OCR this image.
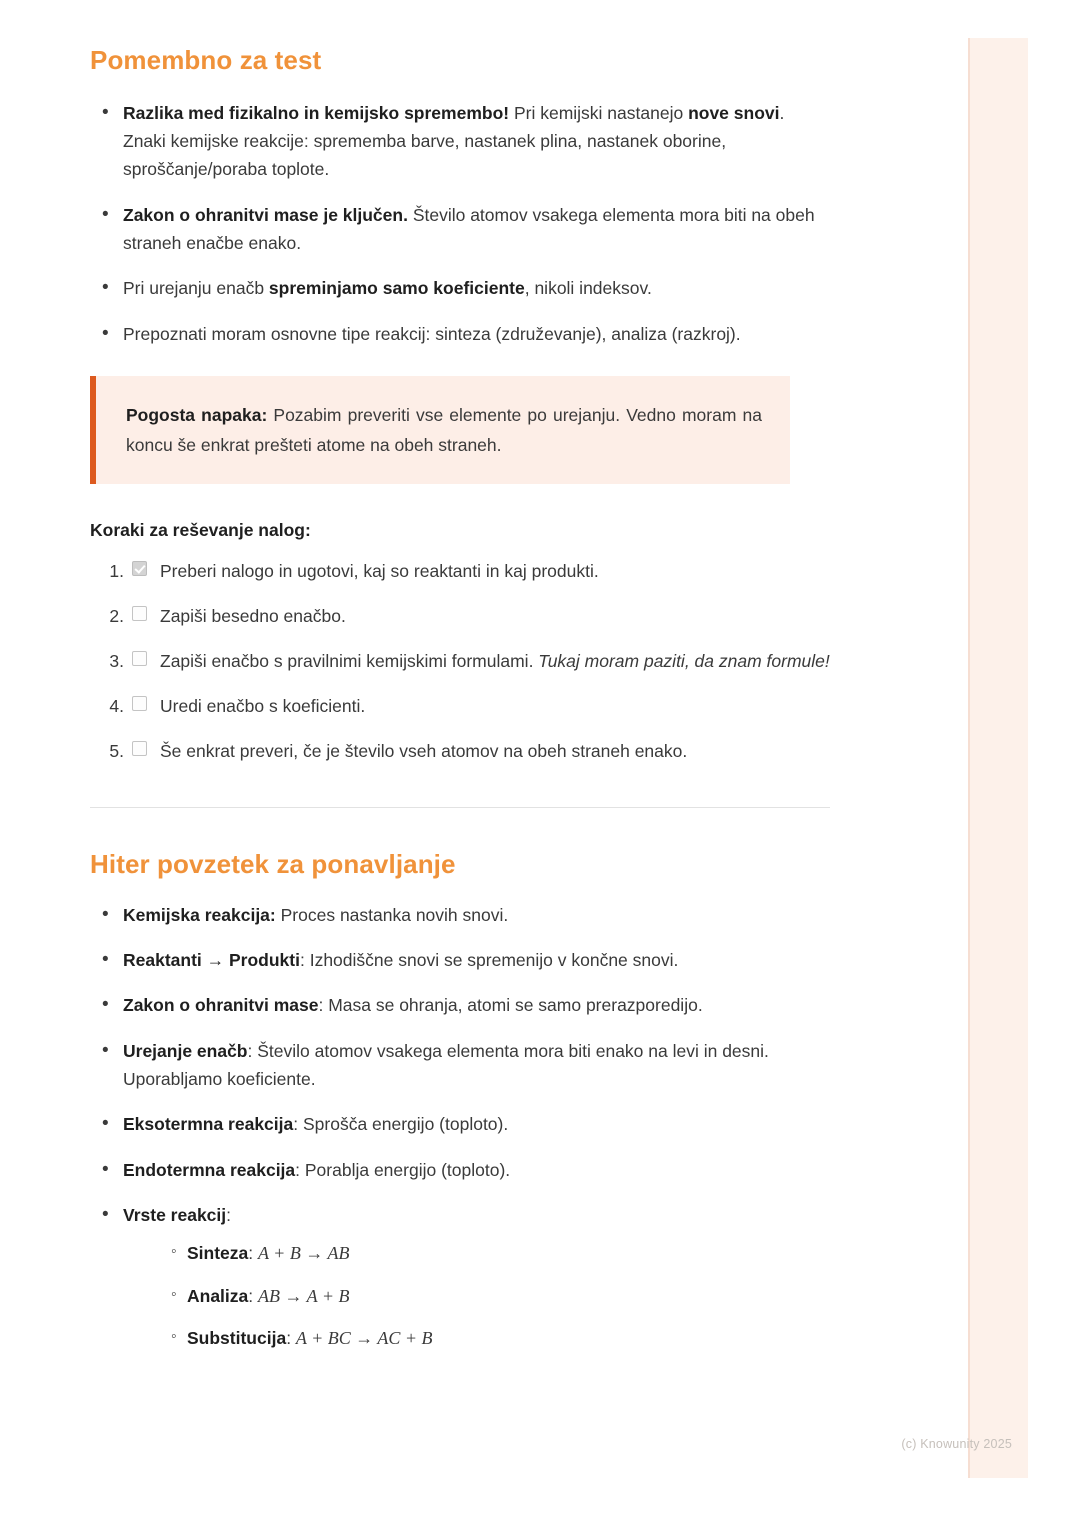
Pomembno za test
• Razlika med fizikalno in kemijsko spremembo! Pri kemijski nastanejo nove snovi. Znaki kemijske reakcije: sprememba barve, nastanek plina, nastanek oborine, sproščanje/poraba toplote.
• Zakon o ohranitvi mase je ključen. Število atomov vsakega elementa mora biti na obeh straneh enačbe enako.
• Pri urejanju enačb spreminjamo samo koeficiente, nikoli indeksov.
• Prepoznati moram osnovne tipe reakcij: sinteza (združevanje), analiza (razkroj).

Pogosta napaka: Pozabim preveriti vse elemente po urejanju. Vedno moram na koncu še enkrat prešteti atome na obeh straneh.

Koraki za reševanje nalog:
Preberi nalogo in ugotovi, kaj so reaktanti in kaj produkti.
Zapiši besedno enačbo.
Zapiši enačbo s pravilnimi kemijskimi formulami. Tukaj moram paziti, da znam formule!
Uredi enačbo s koeficienti.
Še enkrat preveri, če je število vseh atomov na obeh straneh enako.
Hiter povzetek za ponavljanje
• Kemijska reakcija: Proces nastanka novih snovi.
• Reaktanti → Produkti: Izhodiščne snovi se spremenijo v končne snovi.
• Zakon o ohranitvi mase: Masa se ohranja, atomi se samo prerazporedijo.
• Urejanje enačb: Število atomov vsakega elementa mora biti enako na levi in desni. Uporabljamo koeficiente.
• Eksotermna reakcija: Sprošča energijo (toploto).
• Endotermna reakcija: Porablja energijo (toploto).
• Vrste reakcij:
◦ Sinteza: A + B → AB
◦ Analiza: AB → A + B
◦ Substitucija: A + BC → AC + B
(c) Knowunity 2025
